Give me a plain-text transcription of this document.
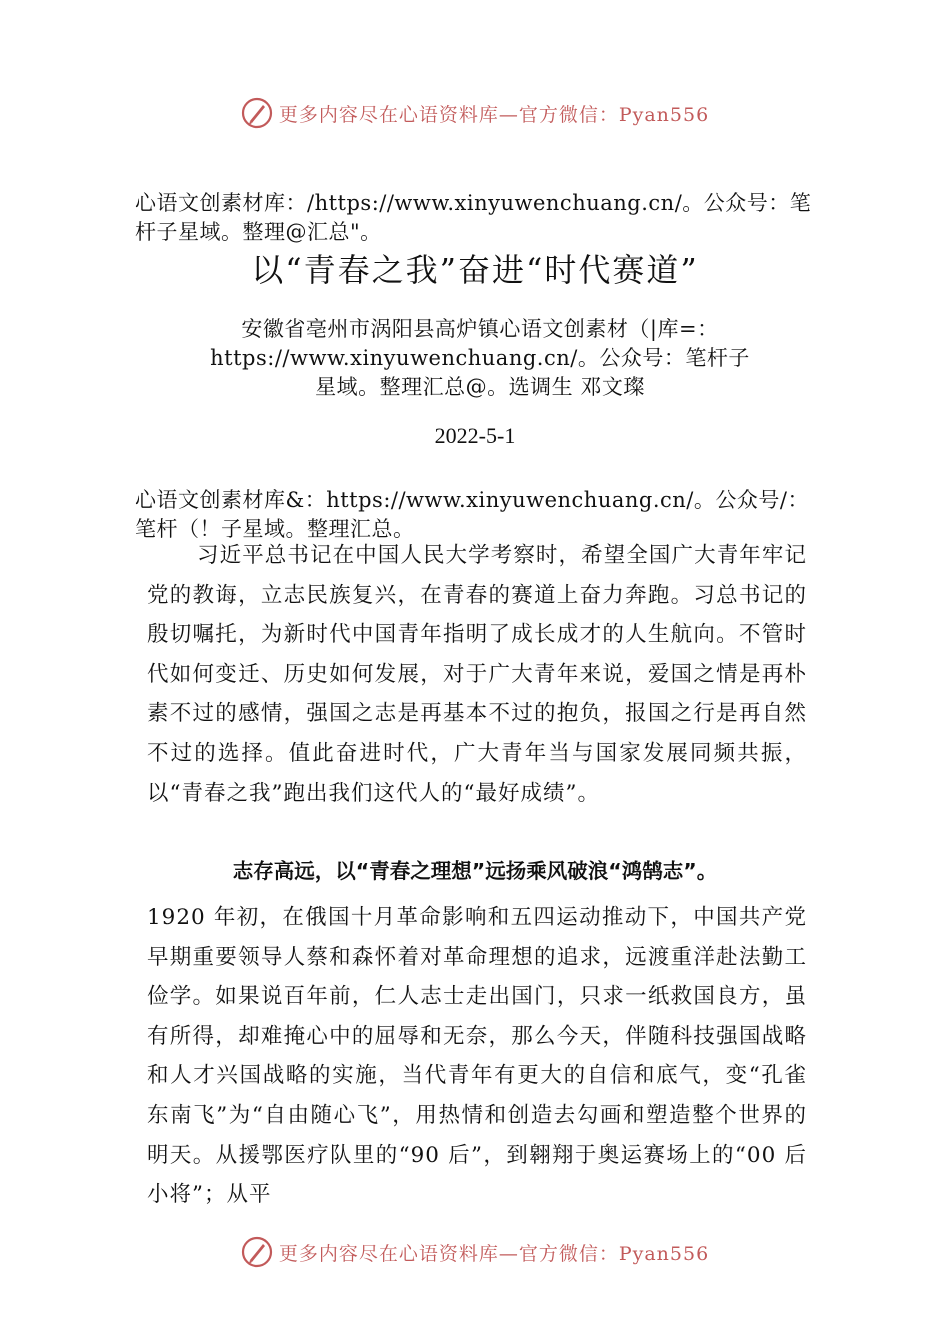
更多内容尽在心语资料库—官方微信：Pyan556
心语文创素材库：/https://www.xinyuwenchuang.cn/。公众号：笔杆子星域。整理@汇总"。
以“青春之我”奋进“时代赛道”
安徽省亳州市涡阳县高炉镇心语文创素材（|库=：https://www.xinyuwenchuang.cn/。公众号：笔杆子星域。整理汇总@。选调生 邓文璨
2022-5-1
心语文创素材库&：https://www.xinyuwenchuang.cn/。公众号/：笔杆（！子星域。整理汇总。
习近平总书记在中国人民大学考察时，希望全国广大青年牢记党的教诲，立志民族复兴，在青春的赛道上奋力奔跑。习总书记的殷切嘱托，为新时代中国青年指明了成长成才的人生航向。不管时代如何变迁、历史如何发展，对于广大青年来说，爱国之情是再朴素不过的感情，强国之志是再基本不过的抱负，报国之行是再自然不过的选择。值此奋进时代，广大青年当与国家发展同频共振，以“青春之我”跑出我们这代人的“最好成绩”。
志存高远，以“青春之理想”远扬乘风破浪“鸿鹄志”。
1920 年初，在俄国十月革命影响和五四运动推动下，中国共产党早期重要领导人蔡和森怀着对革命理想的追求，远渡重洋赴法勤工俭学。如果说百年前，仁人志士走出国门，只求一纸救国良方，虽有所得，却难掩心中的屈辱和无奈，那么今天，伴随科技强国战略和人才兴国战略的实施，当代青年有更大的自信和底气，变“孔雀东南飞”为“自由随心飞”，用热情和创造去勾画和塑造整个世界的明天。从援鄂医疗队里的“90 后”，到翱翔于奥运赛场上的“00 后小将”；从平
更多内容尽在心语资料库—官方微信：Pyan556
